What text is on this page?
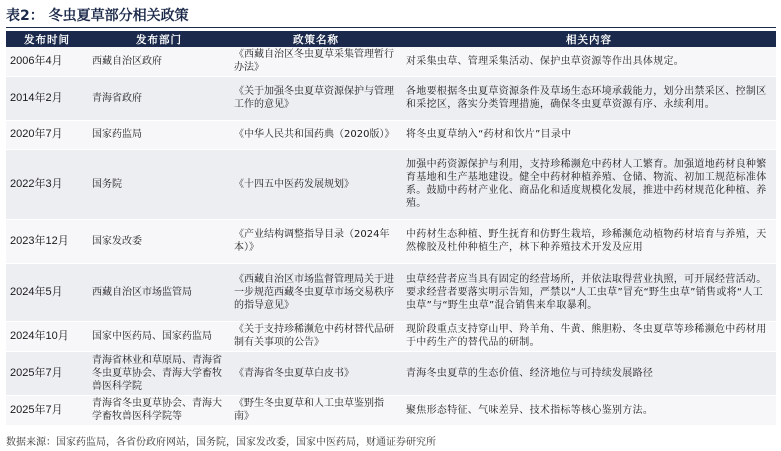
表2： 冬虫夏草部分相关政策
发布时间	发布部门	政策名称	相关内容
2006年4月	西藏自治区政府	《西藏自治区冬虫夏草采集管理暂行办法》	对采集虫草、管理采集活动、保护虫草资源等作出具体规定。
2014年2月	青海省政府	《关于加强冬虫夏草资源保护与管理工作的意见》	各地要根据冬虫夏草资源条件及草场生态环境承载能力，划分出禁采区、控制区和采挖区，落实分类管理措施，确保冬虫夏草资源有序、永续利用。
2020年7月	国家药监局	《中华人民共和国药典（2020版）》	将冬虫夏草纳入“药材和饮片”目录中
2022年3月	国务院	《十四五中医药发展规划》	加强中药资源保护与利用，支持珍稀濒危中药材人工繁育。加强道地药材良种繁育基地和生产基地建设。健全中药材种植养殖、仓储、物流、初加工规范标准体系。鼓励中药材产业化、商品化和适度规模化发展，推进中药材规范化种植、养殖。
2023年12月	国家发改委	《产业结构调整指导目录（2024年本）》	中药材生态种植、野生抚育和仿野生栽培，珍稀濒危动植物药材培育与养殖，天然橡胶及杜仲种植生产，林下种养殖技术开发及应用
2024年5月	西藏自治区市场监管局	《西藏自治区市场监督管理局关于进一步规范西藏冬虫夏草市场交易秩序的指导意见》	虫草经营者应当具有固定的经营场所，并依法取得营业执照，可开展经营活动。要求经营者要落实明示告知，严禁以“人工虫草”冒充“野生虫草”销售或将“人工虫草”与“野生虫草”混合销售来牟取暴利。
2024年10月	国家中医药局、国家药监局	《关于支持珍稀濒危中药材替代品研制有关事项的公告》	现阶段重点支持穿山甲、羚羊角、牛黄、熊胆粉、冬虫夏草等珍稀濒危中药材用于中药生产的替代品的研制。
2025年7月	青海省林业和草原局、青海省冬虫夏草协会、青海大学畜牧兽医科学院	《青海省冬虫夏草白皮书》	青海冬虫夏草的生态价值、经济地位与可持续发展路径
2025年7月	青海省冬虫夏草协会、青海大学畜牧兽医科学院等	《野生冬虫夏草和人工虫草鉴别指南》	聚焦形态特征、气味差异、技术指标等核心鉴别方法。
数据来源：国家药监局，各省份政府网站，国务院，国家发改委，国家中医药局，财通证券研究所
